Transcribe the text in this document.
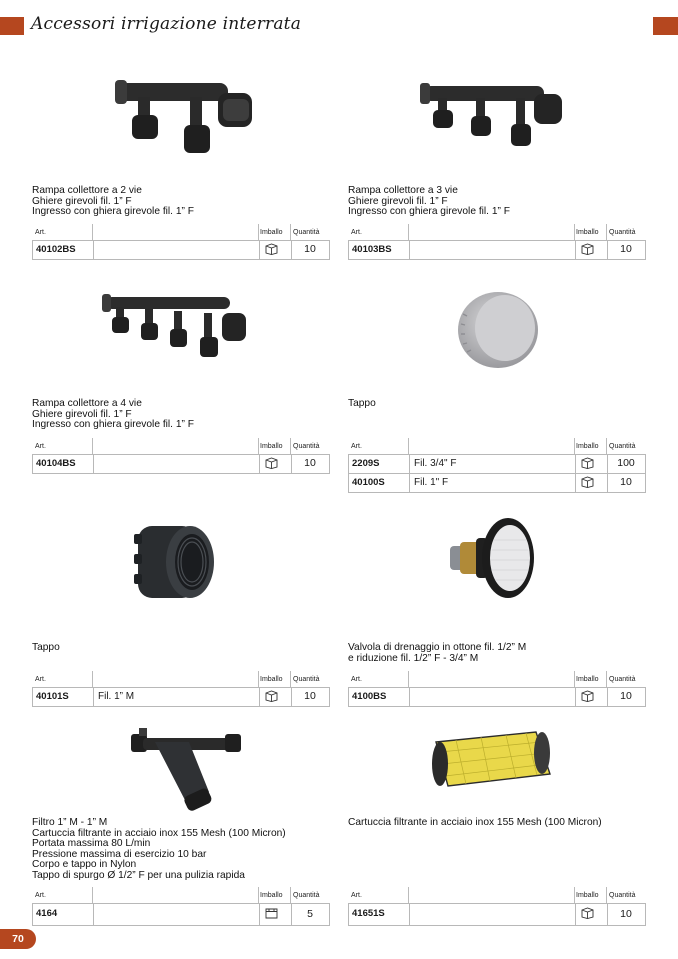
Accessori irrigazione interrata
Rampa collettore a 2 vie
Ghiere girevoli fil. 1” F
Ingresso con ghiera girevole fil. 1” F
Art.	Imballo Quantità
40102BS	10
Rampa collettore a 3 vie
Ghiere girevoli fil. 1” F
Ingresso con ghiera girevole fil. 1” F
Art.	Imballo Quantità
40103BS	10
Rampa collettore a 4 vie
Ghiere girevoli fil. 1” F
Ingresso con ghiera girevole fil. 1” F
Art.	Imballo Quantità
40104BS	10
Tappo
Art.	Imballo Quantità
2209S	Fil. 3/4" F	100
40100S	Fil. 1" F	10
Tappo
Art.	Imballo Quantità
40101S	Fil. 1” M	10
Valvola di drenaggio in ottone fil. 1/2” M
e riduzione fil. 1/2” F - 3/4” M
Art.	Imballo Quantità
4100BS	10
Filtro 1” M - 1” M
Cartuccia filtrante in acciaio inox 155 Mesh (100 Micron)
Portata massima 80 L/min
Pressione massima di esercizio 10 bar
Corpo e tappo in Nylon
Tappo di spurgo Ø 1/2” F per una pulizia rapida
Art.	Imballo Quantità
4164	5
Cartuccia filtrante in acciaio inox 155 Mesh (100 Micron)
Art.	Imballo Quantità
41651S	10
70
